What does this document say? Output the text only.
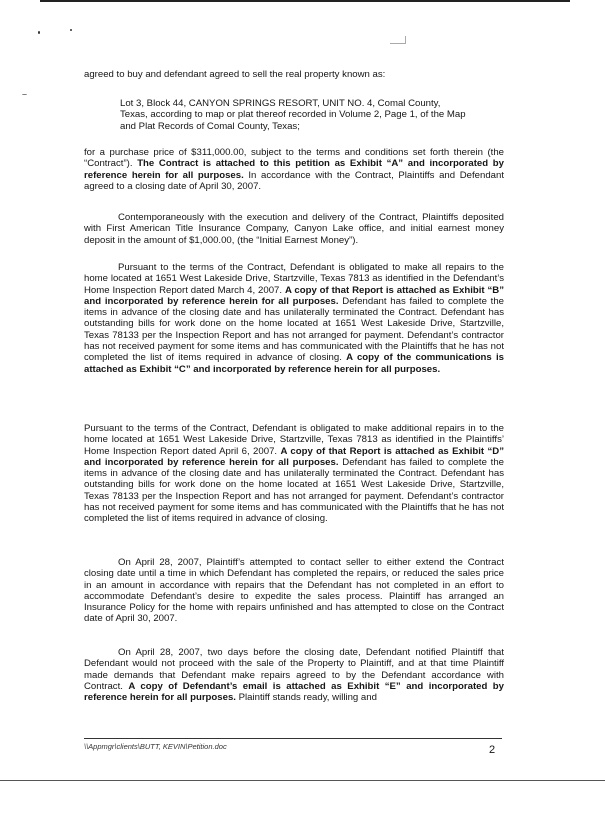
agreed to buy and defendant agreed to sell the real property known as:

Lot 3, Block 44, CANYON SPRINGS RESORT, UNIT NO. 4, Comal County, Texas, according to map or plat thereof recorded in Volume 2, Page 1, of the Map and Plat Records of Comal County, Texas;

for a purchase price of $311,000.00, subject to the terms and conditions set forth therein (the “Contract”). The Contract is attached to this petition as Exhibit “A” and incorporated by reference herein for all purposes. In accordance with the Contract, Plaintiffs and Defendant agreed to a closing date of April 30, 2007.

Contemporaneously with the execution and delivery of the Contract, Plaintiffs deposited with First American Title Insurance Company, Canyon Lake office, and initial earnest money deposit in the amount of $1,000.00, (the “Initial Earnest Money”).

Pursuant to the terms of the Contract, Defendant is obligated to make all repairs to the home located at 1651 West Lakeside Drive, Startzville, Texas 7813 as identified in the Defendant’s Home Inspection Report dated March 4, 2007. A copy of that Report is attached as Exhibit “B” and incorporated by reference herein for all purposes. Defendant has failed to complete the items in advance of the closing date and has unilaterally terminated the Contract. Defendant has outstanding bills for work done on the home located at 1651 West Lakeside Drive, Startzville, Texas 78133 per the Inspection Report and has not arranged for payment. Defendant’s contractor has not received payment for some items and has communicated with the Plaintiffs that he has not completed the list of items required in advance of closing. A copy of the communications is attached as Exhibit “C” and incorporated by reference herein for all purposes.

Pursuant to the terms of the Contract, Defendant is obligated to make additional repairs in to the home located at 1651 West Lakeside Drive, Startzville, Texas 7813 as identified in the Plaintiffs’ Home Inspection Report dated April 6, 2007. A copy of that Report is attached as Exhibit “D” and incorporated by reference herein for all purposes. Defendant has failed to complete the items in advance of the closing date and has unilaterally terminated the Contract. Defendant has outstanding bills for work done on the home located at 1651 West Lakeside Drive, Startzville, Texas 78133 per the Inspection Report and has not arranged for payment. Defendant’s contractor has not received payment for some items and has communicated with the Plaintiffs that he has not completed the list of items required in advance of closing.

On April 28, 2007, Plaintiff’s attempted to contact seller to either extend the Contract closing date until a time in which Defendant has completed the repairs, or reduced the sales price in an amount in accordance with repairs that the Defendant has not completed in an effort to accommodate Defendant’s desire to expedite the sales process. Plaintiff has arranged an Insurance Policy for the home with repairs unfinished and has attempted to close on the Contract date of April 30, 2007.

On April 28, 2007, two days before the closing date, Defendant notified Plaintiff that Defendant would not proceed with the sale of the Property to Plaintiff, and at that time Plaintiff made demands that Defendant make repairs agreed to by the Defendant accordance with Contract. A copy of Defendant’s email is attached as Exhibit “E” and incorporated by reference herein for all purposes. Plaintiff stands ready, willing and

\\Appmgr\clients\BUTT, KEVIN\Petition.doc	2
